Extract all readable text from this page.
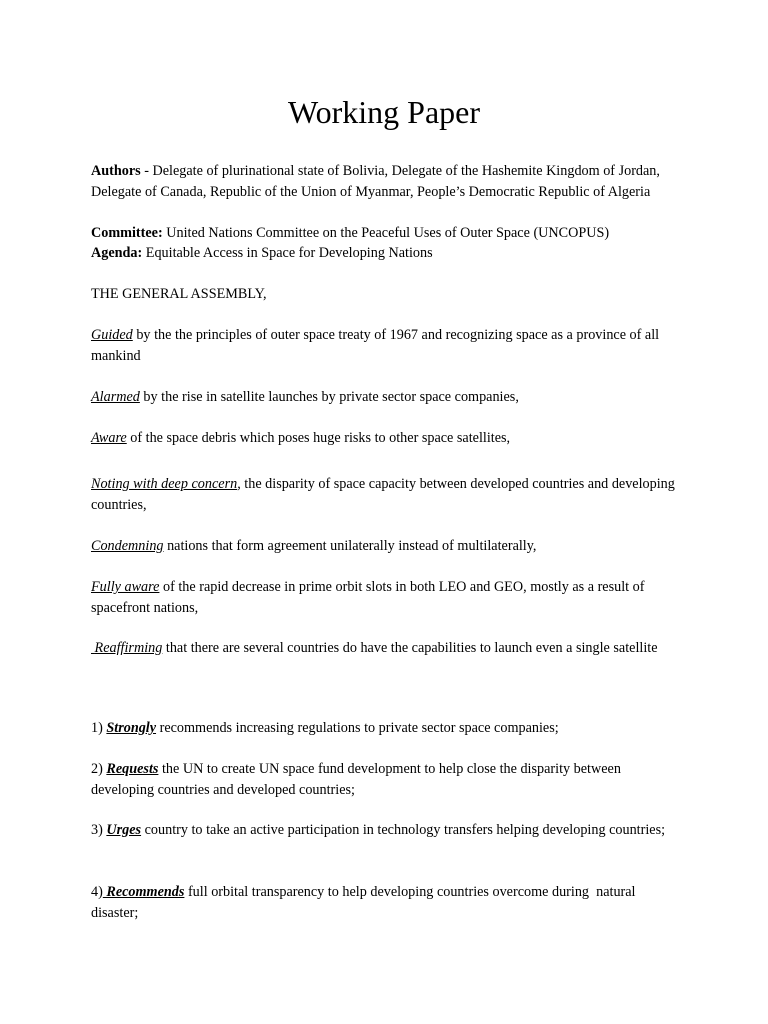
Working Paper

Authors - Delegate of plurinational state of Bolivia, Delegate of the Hashemite Kingdom of Jordan, Delegate of Canada, Republic of the Union of Myanmar, People’s Democratic Republic of Algeria

Committee: United Nations Committee on the Peaceful Uses of Outer Space (UNCOPUS)

Agenda: Equitable Access in Space for Developing Nations

THE GENERAL ASSEMBLY,

Guided by the the principles of outer space treaty of 1967 and recognizing space as a province of all mankind

Alarmed by the rise in satellite launches by private sector space companies,

Aware of the space debris which poses huge risks to other space satellites,

Noting with deep concern, the disparity of space capacity between developed countries and developing countries,

Condemning nations that form agreement unilaterally instead of multilaterally,

Fully aware of the rapid decrease in prime orbit slots in both LEO and GEO, mostly as a result of spacefront nations,

Reaffirming that there are several countries do have the capabilities to launch even a single satellite

1) Strongly recommends increasing regulations to private sector space companies;

2) Requests the UN to create UN space fund development to help close the disparity between developing countries and developed countries;

3) Urges country to take an active participation in technology transfers helping developing countries;

4) Recommends full orbital transparency to help developing countries overcome during  natural disaster;
